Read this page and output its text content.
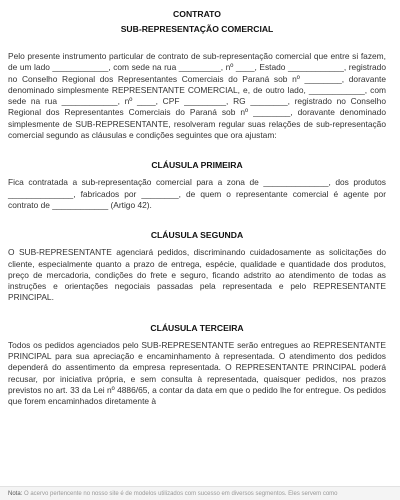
CONTRATO

SUB-REPRESENTAÇÃO COMERCIAL

Pelo presente instrumento particular de contrato de sub-representação comercial que entre si fazem, de um lado ____________, com sede na rua _________, nº ____, Estado ____________, registrado no Conselho Regional dos Representantes Comerciais do Paraná sob nº ________, doravante denominado simplesmente REPRESENTANTE COMERCIAL, e, de outro lado, ____________, com sede na rua ____________, nº ____, CPF _________, RG ________, registrado no Conselho Regional dos Representantes Comerciais do Paraná sob nº ________, doravante denominado simplesmente de SUB-REPRESENTANTE, resolveram regular suas relações de sub-representação comercial segundo as cláusulas e condições seguintes que ora ajustam:

CLÁUSULA PRIMEIRA

Fica contratada a sub-representação comercial para a zona de ______________, dos produtos ______________, fabricados por ________, de quem o representante comercial é agente por contrato de ____________ (Artigo 42).

CLÁUSULA SEGUNDA

O SUB-REPRESENTANTE agenciará pedidos, discriminando cuidadosamente as solicitações do cliente, especialmente quanto a prazo de entrega, espécie, qualidade e quantidade dos produtos, preço de mercadoria, condições do frete e seguro, ficando adstrito ao atendimento de todas as instruções e orientações negociais passadas pela representada e pelo REPRESENTANTE PRINCIPAL.

CLÁUSULA TERCEIRA

Todos os pedidos agenciados pelo SUB-REPRESENTANTE serão entregues ao REPRESENTANTE PRINCIPAL para sua apreciação e encaminhamento à representada. O atendimento dos pedidos dependerá do assentimento da empresa representada. O REPRESENTANTE PRINCIPAL poderá recusar, por iniciativa própria, e sem consulta à representada, quaisquer pedidos, nos prazos previstos no art. 33 da Lei nº 4886/65, a contar da data em que o pedido lhe for entregue. Os pedidos que forem encaminhados diretamente à

Nota: O acervo pertencente no nosso site é de modelos utilizados com sucesso em diversos segmentos. Eles servem como
